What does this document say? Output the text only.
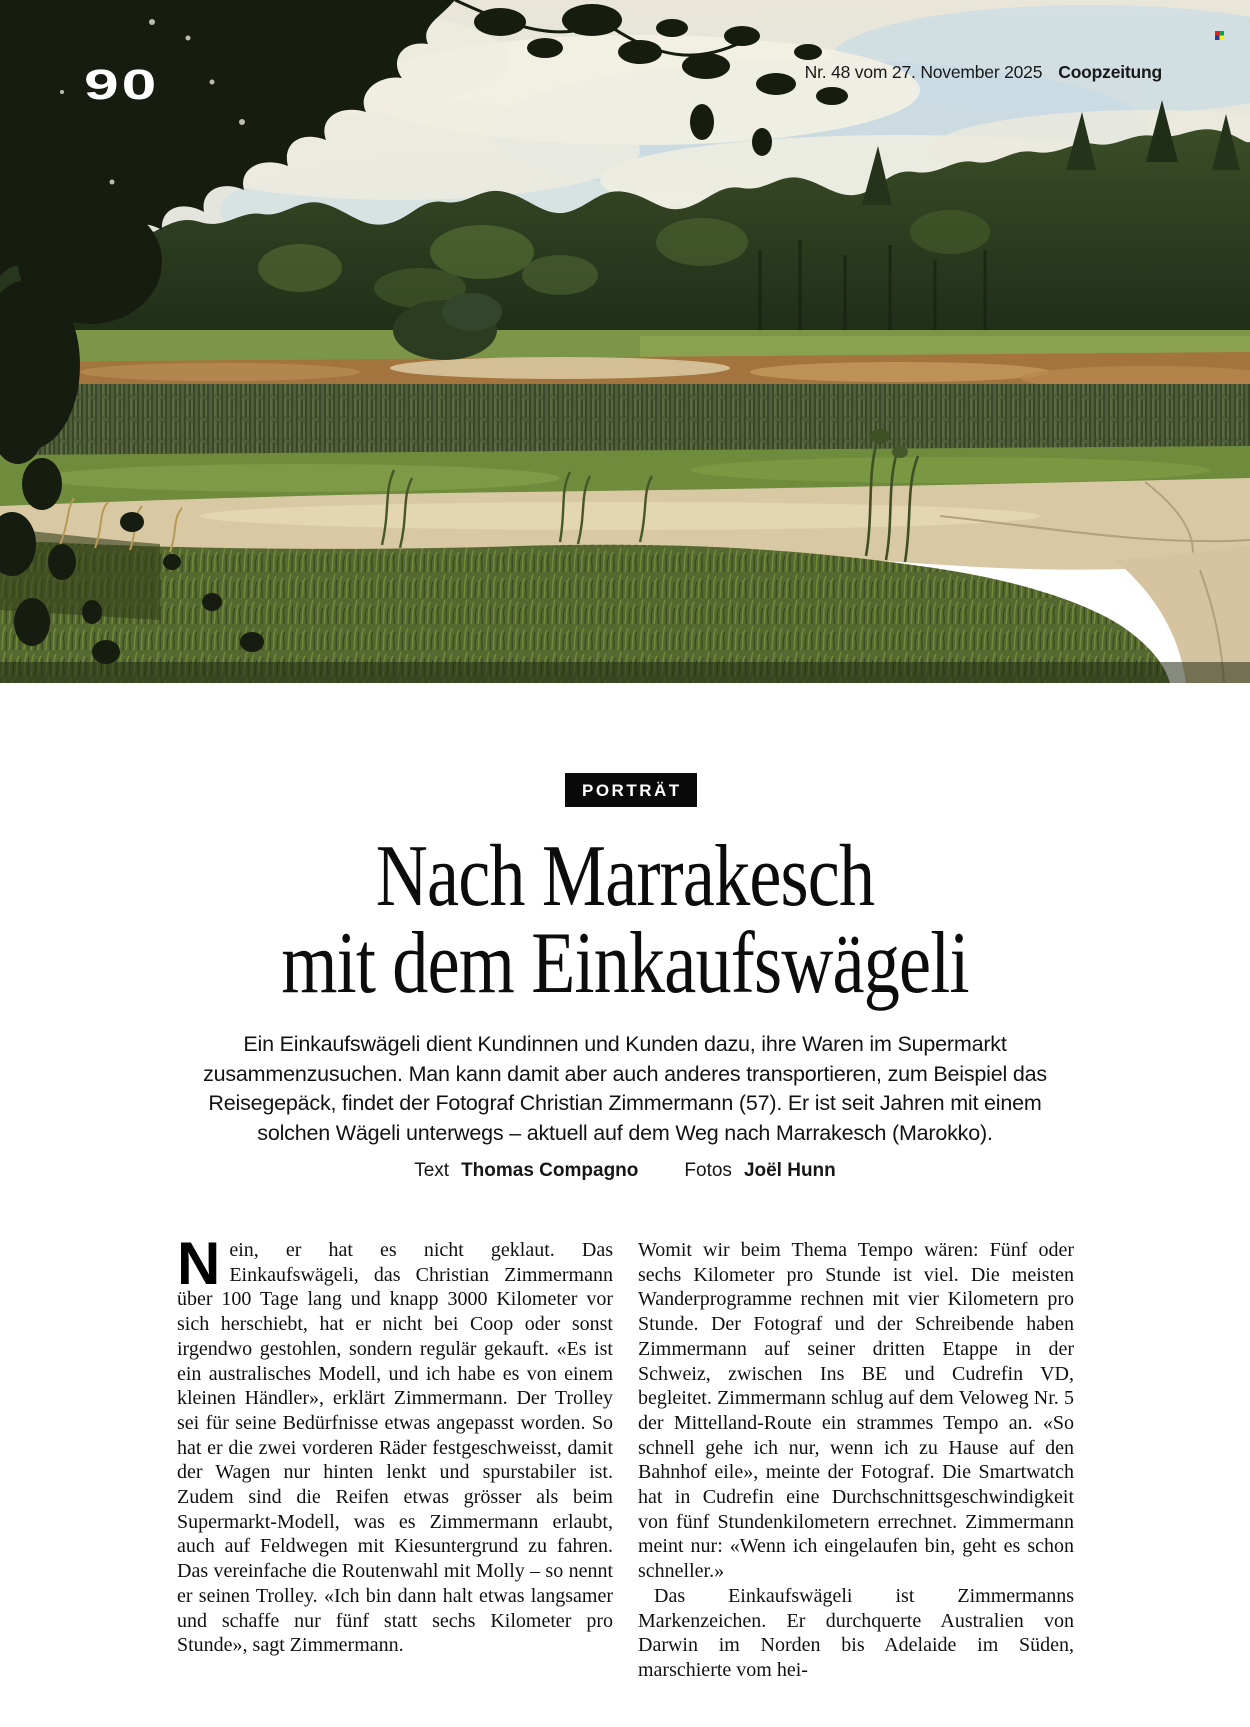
90	Nr. 48 vom 27. November 2025 Coopzeitung
PORTRÄT
Nach Marrakesch
mit dem Einkaufswägeli
Ein Einkaufswägeli dient Kundinnen und Kunden dazu, ihre Waren im Supermarkt zusammenzusuchen. Man kann damit aber auch anderes transportieren, zum Beispiel das Reisegepäck, findet der Fotograf Christian Zimmermann (57). Er ist seit Jahren mit einem solchen Wägeli unterwegs – aktuell auf dem Weg nach Marrakesch (Marokko).
Text Thomas Compagno Fotos Joël Hunn

Nein, er hat es nicht geklaut. Das Einkaufswägeli, das Christian Zimmermann über 100 Tage lang und knapp 3000 Kilometer vor sich herschiebt, hat er nicht bei Coop oder sonst irgendwo gestohlen, sondern regulär gekauft. «Es ist ein australisches Modell, und ich habe es von einem kleinen Händler», erklärt Zimmermann. Der Trolley sei für seine Bedürfnisse etwas angepasst worden. So hat er die zwei vorderen Räder festgeschweisst, damit der Wagen nur hinten lenkt und spurstabiler ist. Zudem sind die Reifen etwas grösser als beim Supermarkt-Modell, was es Zimmermann erlaubt, auch auf Feldwegen mit Kiesuntergrund zu fahren. Das vereinfache die Routenwahl mit Molly – so nennt er seinen Trolley. «Ich bin dann halt etwas langsamer und schaffe nur fünf statt sechs Kilometer pro Stunde», sagt Zimmermann.

Womit wir beim Thema Tempo wären: Fünf oder sechs Kilometer pro Stunde ist viel. Die meisten Wanderprogramme rechnen mit vier Kilometern pro Stunde. Der Fotograf und der Schreibende haben Zimmermann auf seiner dritten Etappe in der Schweiz, zwischen Ins BE und Cudrefin VD, begleitet. Zimmermann schlug auf dem Veloweg Nr. 5 der Mittelland-Route ein strammes Tempo an. «So schnell gehe ich nur, wenn ich zu Hause auf den Bahnhof eile», meinte der Fotograf. Die Smartwatch hat in Cudrefin eine Durchschnittsgeschwindigkeit von fünf Stundenkilometern errechnet. Zimmermann meint nur: «Wenn ich eingelaufen bin, geht es schon schneller.»

Das Einkaufswägeli ist Zimmermanns Markenzeichen. Er durchquerte Australien von Darwin im Norden bis Adelaide im Süden, marschierte vom hei-
